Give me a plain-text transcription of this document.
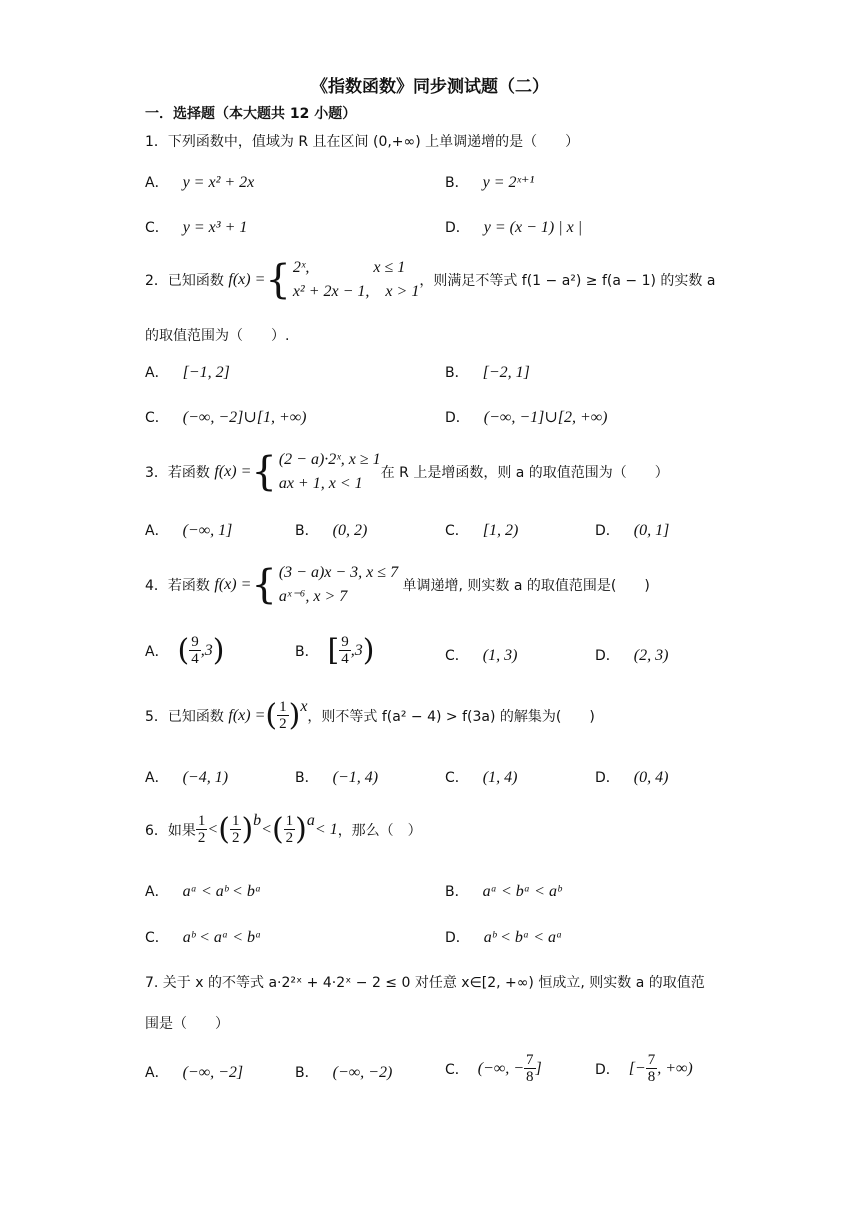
《指数函数》同步测试题（二）
一．选择题（本大题共 12 小题）
1．下列函数中，值域为 R 且在区间 (0,+∞) 上单调递增的是（　　）
A． y = x² + 2x	B． y = 2ˣ⁺¹
C． y = x³ + 1	D． y = (x − 1) | x |
2．已知函数
f(x) = { 2ˣ,　　　　x ≤ 1
x² + 2x − 1,　x > 1
，则满足不等式 f(1 − a²) ≥ f(a − 1) 的实数 a
的取值范围为（　　）.
A． [−1, 2]	B． [−2, 1]
C． (−∞, −2]∪[1, +∞)	D． (−∞, −1]∪[2, +∞)
3．若函数
f(x) = { (2 − a)·2ˣ, x ≥ 1
ax + 1, x < 1
在 R 上是增函数，则 a 的取值范围为（　　）
A． (−∞, 1]	B． (0, 2)	C． [1, 2)	D． (0, 1]
4．若函数
f(x) = { (3 − a)x − 3, x ≤ 7
aˣ⁻⁶, x > 7

单调递增, 则实数 a 的取值范围是(　　)
A．
( $\frac{9}{4} ,3$ )	B．
[ $\frac{9}{4} ,3$ )	C． (1, 3)	D． (2, 3)
5．已知函数
f(x) = ( $\frac{1}{2}$ ) x
，则不等式 f(a² − 4) > f(3a) 的解集为(　　)
A． (−4, 1)	B． (−1, 4)	C． (1, 4)	D． (0, 4)
6．如果 $\frac{1}{2}$ < ( $\frac{1}{2}$ ) b < ( $\frac{1}{2}$ ) a < 1 ，那么（　）
A． aᵃ < aᵇ < bᵃ	B． aᵃ < bᵃ < aᵇ
C． aᵇ < aᵃ < bᵃ	D． aᵇ < bᵃ < aᵃ
7. 关于 x 的不等式 a·2²ˣ + 4·2ˣ − 2 ≤ 0 对任意 x∈[2, +∞) 恒成立, 则实数 a 的取值范
围是（　　）
A． (−∞, −2]	B． (−∞, −2)	C．
(−∞, − $\frac{7}{8}$ ]	D．
[− $\frac{7}{8}$ , +∞)
